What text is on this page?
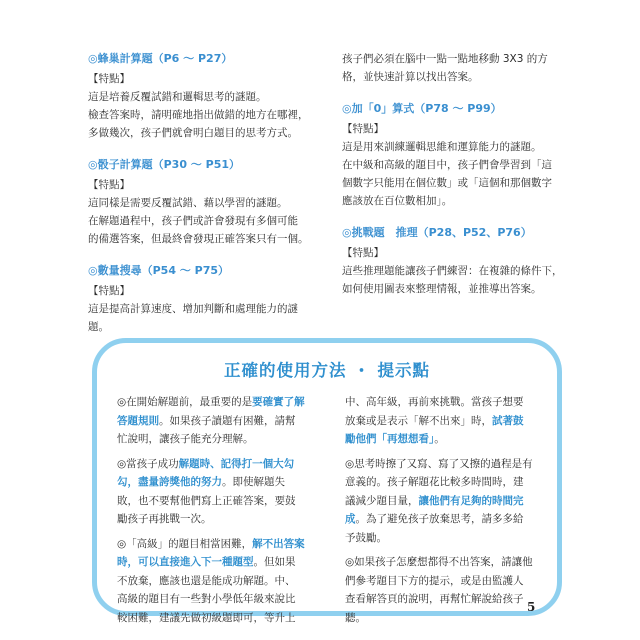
◎蜂巢計算題（P6 ～ P27）
【特點】
這是培養反覆試錯和邏輯思考的謎題。
檢查答案時，請明確地指出做錯的地方在哪裡，
多做幾次，孩子們就會明白題目的思考方式。
◎骰子計算題（P30 ～ P51）
【特點】
這同樣是需要反覆試錯、藉以學習的謎題。
在解題過程中，孩子們或許會發現有多個可能
的備選答案，但最終會發現正確答案只有一個。
◎數量搜尋（P54 ～ P75）
【特點】
這是提高計算速度、增加判斷和處理能力的謎
題。
孩子們必須在腦中一點一點地移動 3X3 的方
格，並快速計算以找出答案。
◎加「0」算式（P78 ～ P99）
【特點】
這是用來訓練邏輯思維和運算能力的謎題。
在中級和高級的題目中，孩子們會學習到「這
個數字只能用在個位數」或「這個和那個數字
應該放在百位數相加」。
◎挑戰題　推理（P28、P52、P76）
【特點】
這些推理題能讓孩子們練習：在複雜的條件下，
如何使用圖表來整理情報，並推導出答案。
正確的使用方法 ・ 提示點
◎在開始解題前，最重要的是要確實了解
答題規則。如果孩子讀題有困難，請幫
忙說明，讓孩子能充分理解。
◎當孩子成功解題時、記得打一個大勾
勾，盡量誇獎他的努力。即使解題失
敗，也不要幫他們寫上正確答案，要鼓
勵孩子再挑戰一次。
◎「高級」的題目相當困難，解不出答案
時，可以直接進入下一種題型。但如果
不放棄，應該也還是能成功解題。中、
高級的題目有一些對小學低年級來說比
較困難，建議先做初級題即可，等升上
中、高年級，再前來挑戰。當孩子想要
放棄或是表示「解不出來」時，試著鼓
勵他們「再想想看」。
◎思考時擦了又寫、寫了又擦的過程是有
意義的。孩子解題花比較多時間時，建
議減少題目量，讓他們有足夠的時間完
成。為了避免孩子放棄思考，請多多給
予鼓勵。
◎如果孩子怎麼想都得不出答案，請讓他
們參考題目下方的提示，或是由監護人
查看解答頁的說明，再幫忙解說給孩子
聽。
5
